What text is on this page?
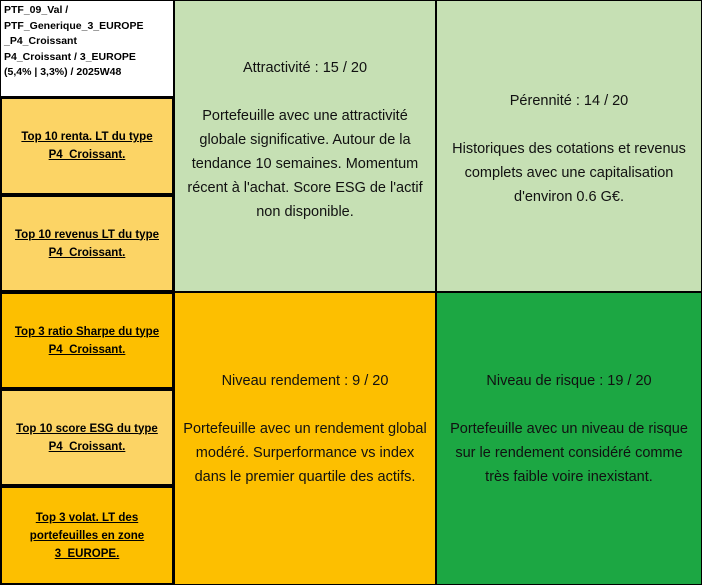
PTF_09_Val /
PTF_Generique_3_EUROPE
_P4_Croissant
P4_Croissant / 3_EUROPE
(5,4% | 3,3%) / 2025W48
Top 10 renta. LT du type P4_Croissant.
Top 10 revenus LT du type P4_Croissant.
Top 3 ratio Sharpe du type P4_Croissant.
Top 10 score ESG du type P4_Croissant.
Top 3 volat. LT des portefeuilles en zone 3_EUROPE.
Attractivité : 15 / 20
Portefeuille avec une attractivité globale significative. Autour de la tendance 10 semaines. Momentum récent à l'achat. Score ESG de l'actif non disponible.
Pérennité : 14 / 20
Historiques des cotations et revenus complets avec une capitalisation d'environ 0.6 G€.
Niveau rendement : 9 / 20
Portefeuille avec un rendement global modéré. Surperformance vs index dans le premier quartile des actifs.
Niveau de risque : 19 / 20
Portefeuille avec un niveau de risque sur le rendement considéré comme très faible voire inexistant.
